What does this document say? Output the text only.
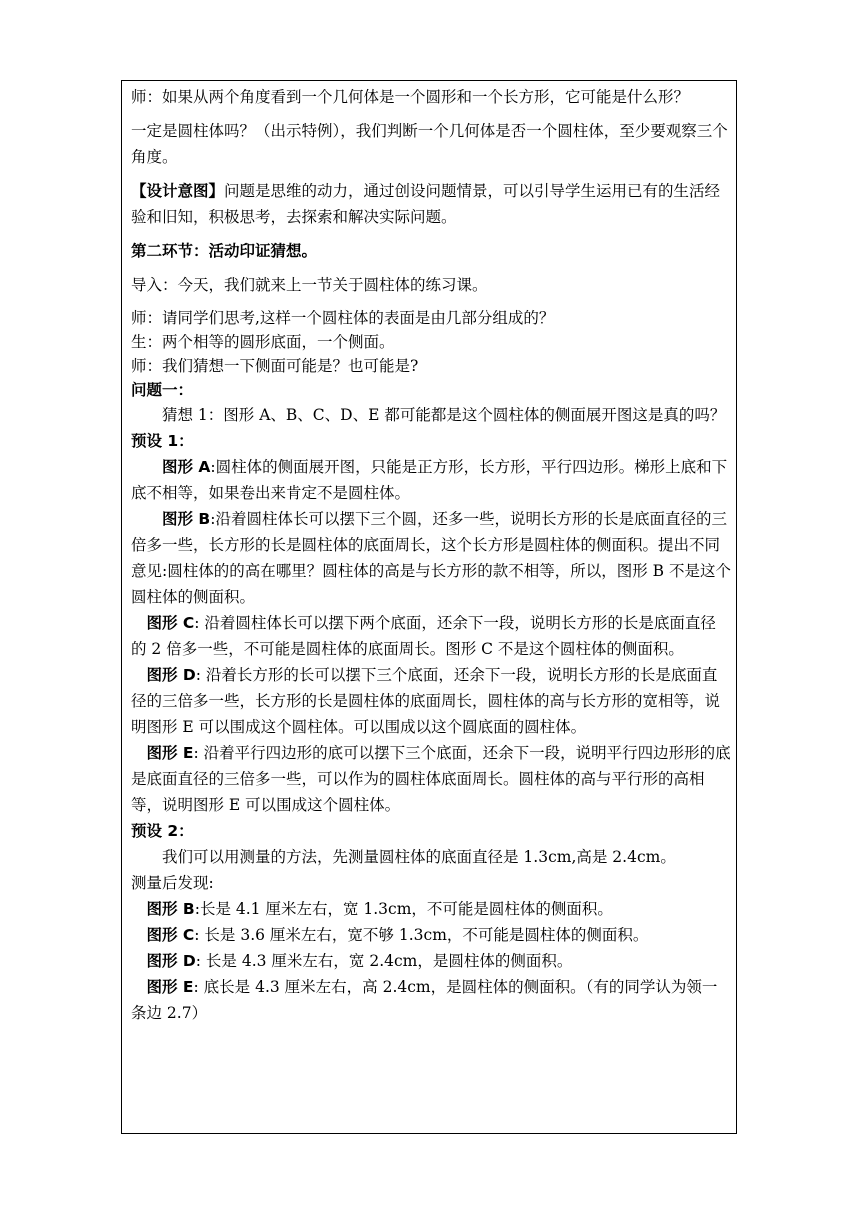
师：如果从两个角度看到一个几何体是一个圆形和一个长方形，它可能是什么形？

一定是圆柱体吗？（出示特例），我们判断一个几何体是否一个圆柱体，至少要观察三个角度。

【设计意图】问题是思维的动力，通过创设问题情景，可以引导学生运用已有的生活经验和旧知，积极思考，去探索和解决实际问题。

第二环节：活动印证猜想。

导入：今天，我们就来上一节关于圆柱体的练习课。

师：请同学们思考,这样一个圆柱体的表面是由几部分组成的？

生：两个相等的圆形底面，一个侧面。

师：我们猜想一下侧面可能是？也可能是?

问题一：

猜想 1：图形 A、B、C、D、E 都可能都是这个圆柱体的侧面展开图这是真的吗？

预设 1：

图形 A:圆柱体的侧面展开图，只能是正方形，长方形，平行四边形。梯形上底和下底不相等，如果卷出来肯定不是圆柱体。

图形 B:沿着圆柱体长可以摆下三个圆，还多一些，说明长方形的长是底面直径的三倍多一些，长方形的长是圆柱体的底面周长，这个长方形是圆柱体的侧面积。提出不同意见:圆柱体的的高在哪里？圆柱体的高是与长方形的款不相等，所以，图形 B 不是这个圆柱体的侧面积。

图形 C: 沿着圆柱体长可以摆下两个底面，还余下一段，说明长方形的长是底面直径的 2 倍多一些，不可能是圆柱体的底面周长。图形 C 不是这个圆柱体的侧面积。

图形 D: 沿着长方形的长可以摆下三个底面，还余下一段，说明长方形的长是底面直径的三倍多一些，长方形的长是圆柱体的底面周长，圆柱体的高与长方形的宽相等，说明图形 E 可以围成这个圆柱体。可以围成以这个圆底面的圆柱体。

图形 E: 沿着平行四边形的底可以摆下三个底面，还余下一段，说明平行四边形形的底是底面直径的三倍多一些，可以作为的圆柱体底面周长。圆柱体的高与平行形的高相等，说明图形 E 可以围成这个圆柱体。

预设 2：

我们可以用测量的方法，先测量圆柱体的底面直径是 1.3cm,高是 2.4cm。

测量后发现:

图形 B:长是 4.1 厘米左右，宽 1.3cm，不可能是圆柱体的侧面积。

图形 C: 长是 3.6 厘米左右，宽不够 1.3cm，不可能是圆柱体的侧面积。

图形 D: 长是 4.3 厘米左右，宽 2.4cm，是圆柱体的侧面积。

图形 E: 底长是 4.3 厘米左右，高 2.4cm，是圆柱体的侧面积。（有的同学认为领一条边 2.7）
